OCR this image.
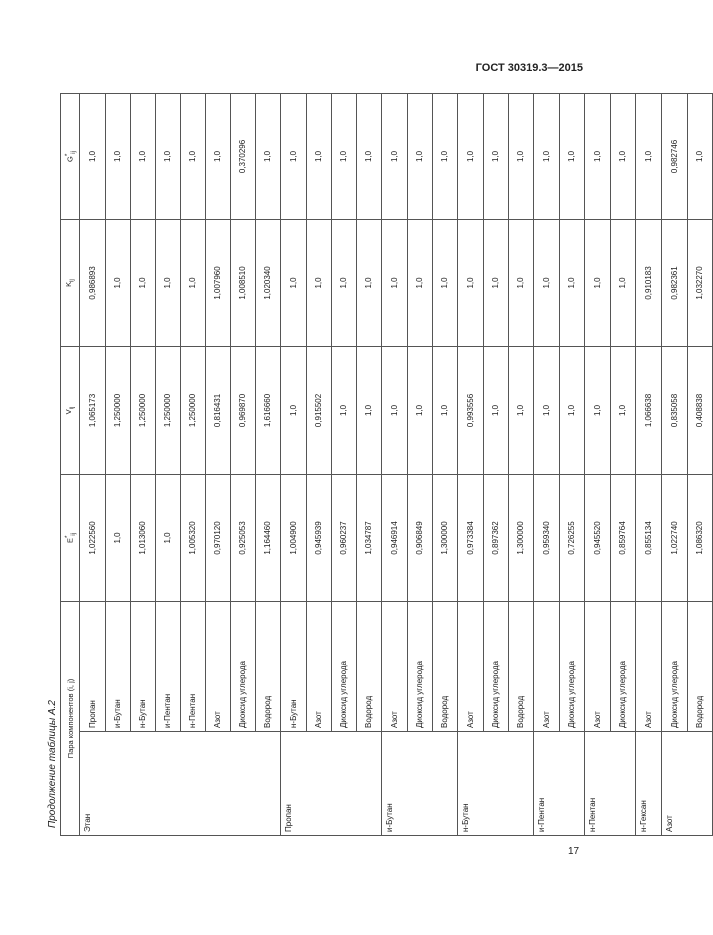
ГОСТ 30319.3—2015
Продолжение таблицы А.2 Пара компонентов (i, j)		$E^*_{ij}$	$V_{ij}$	$K_{ij}$	$G^*_{ij}$
Этан	Пропан	1,022560	1,065173	0,986893	1,0
	и-Бутан	1,0	1,250000	1,0	1,0
	н-Бутан	1,013060	1,250000	1,0	1,0
	и-Пентан	1,0	1,250000	1,0	1,0
	н-Пентан	1,005320	1,250000	1,0	1,0
	Азот	0,970120	0,816431	1,007960	1,0
	Диоксид углерода	0,925053	0,969870	1,008510	0,370296
	Водород	1,164460	1,616660	1,020340	1,0
Пропан	н-Бутан	1,004900	1,0	1,0	1,0
	Азот	0,945939	0,915502	1,0	1,0
	Диоксид углерода	0,960237	1,0	1,0	1,0
	Водород	1,034787	1,0	1,0	1,0
и-Бутан	Азот	0,946914	1,0	1,0	1,0
	Диоксид углерода	0,906849	1,0	1,0	1,0
	Водород	1,300000	1,0	1,0	1,0
н-Бутан	Азот	0,973384	0,993556	1,0	1,0
	Диоксид углерода	0,897362	1,0	1,0	1,0
	Водород	1,300000	1,0	1,0	1,0
и-Пентан	Азот	0,959340	1,0	1,0	1,0
	Диоксид углерода	0,726255	1,0	1,0	1,0
н-Пентан	Азот	0,945520	1,0	1,0	1,0
	Диоксид углерода	0,859764	1,0	1,0	1,0
н-Гексан	Азот	0,855134	1,066638	0,910183	1,0
Азот	Диоксид углерода	1,022740	0,835058	0,982361	0,982746
	Водород	1,086320	0,408838	1,032270	1,0
17
